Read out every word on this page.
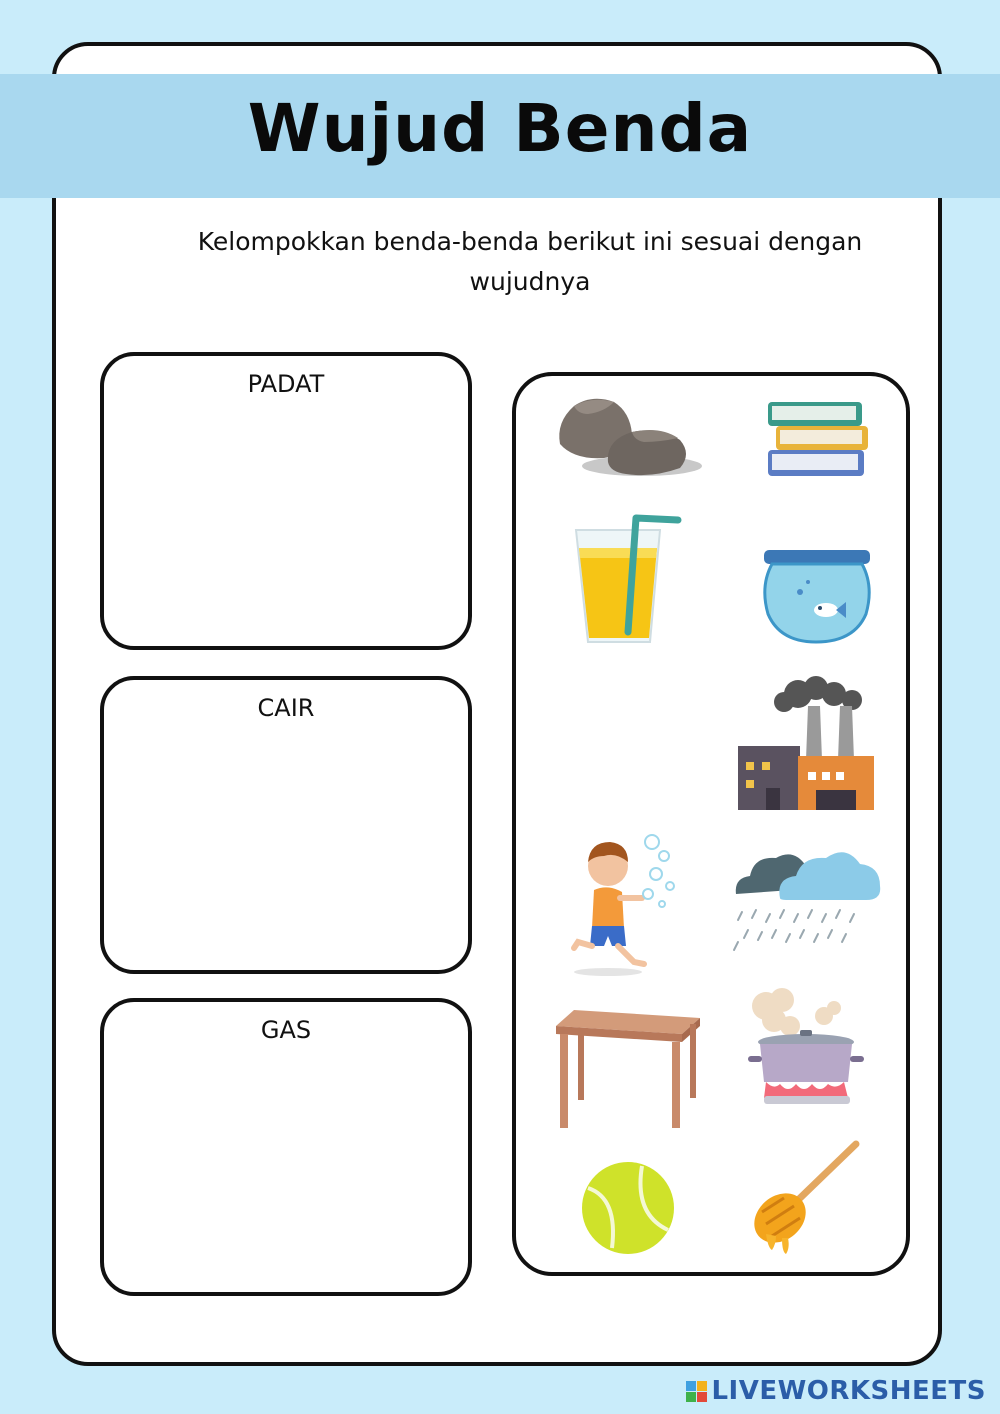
Wujud Benda
Kelompokkan benda-benda berikut ini sesuai dengan wujudnya
PADAT
CAIR
GAS
LIVEWORKSHEETS
